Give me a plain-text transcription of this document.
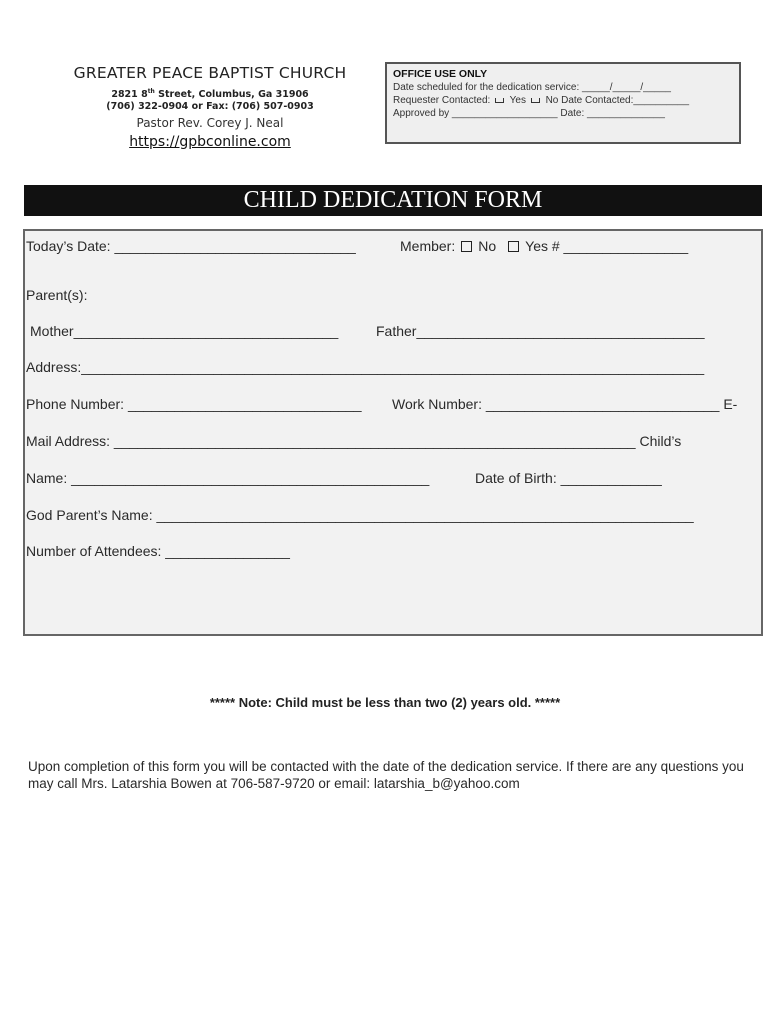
GREATER PEACE BAPTIST CHURCH
2821 8th Street, Columbus, Ga 31906
(706) 322-0904 or Fax: (706) 507-0903
Pastor Rev. Corey J. Neal
https://gpbconline.com
OFFICE USE ONLY
Date scheduled for the dedication service: _____/_____/_____
Requester Contacted: Yes No Date Contacted:__________
Approved by ___________________ Date: ______________
CHILD DEDICATION FORM
Today’s Date: _______________________________	Member: No Yes # ________________
Parent(s):
Mother__________________________________	Father_____________________________________
Address:________________________________________________________________________________
Phone Number: ______________________________ Work Number: ______________________________ E-
Mail Address: ___________________________________________________________________ Child’s
Name: ______________________________________________	Date of Birth: _____________
God Parent’s Name: _____________________________________________________________________
Number of Attendees: ________________
***** Note: Child must be less than two (2) years old. *****
Upon completion of this form you will be contacted with the date of the dedication service. If there are any questions you may call Mrs. Latarshia Bowen at 706-587-9720 or email: latarshia_b@yahoo.com
